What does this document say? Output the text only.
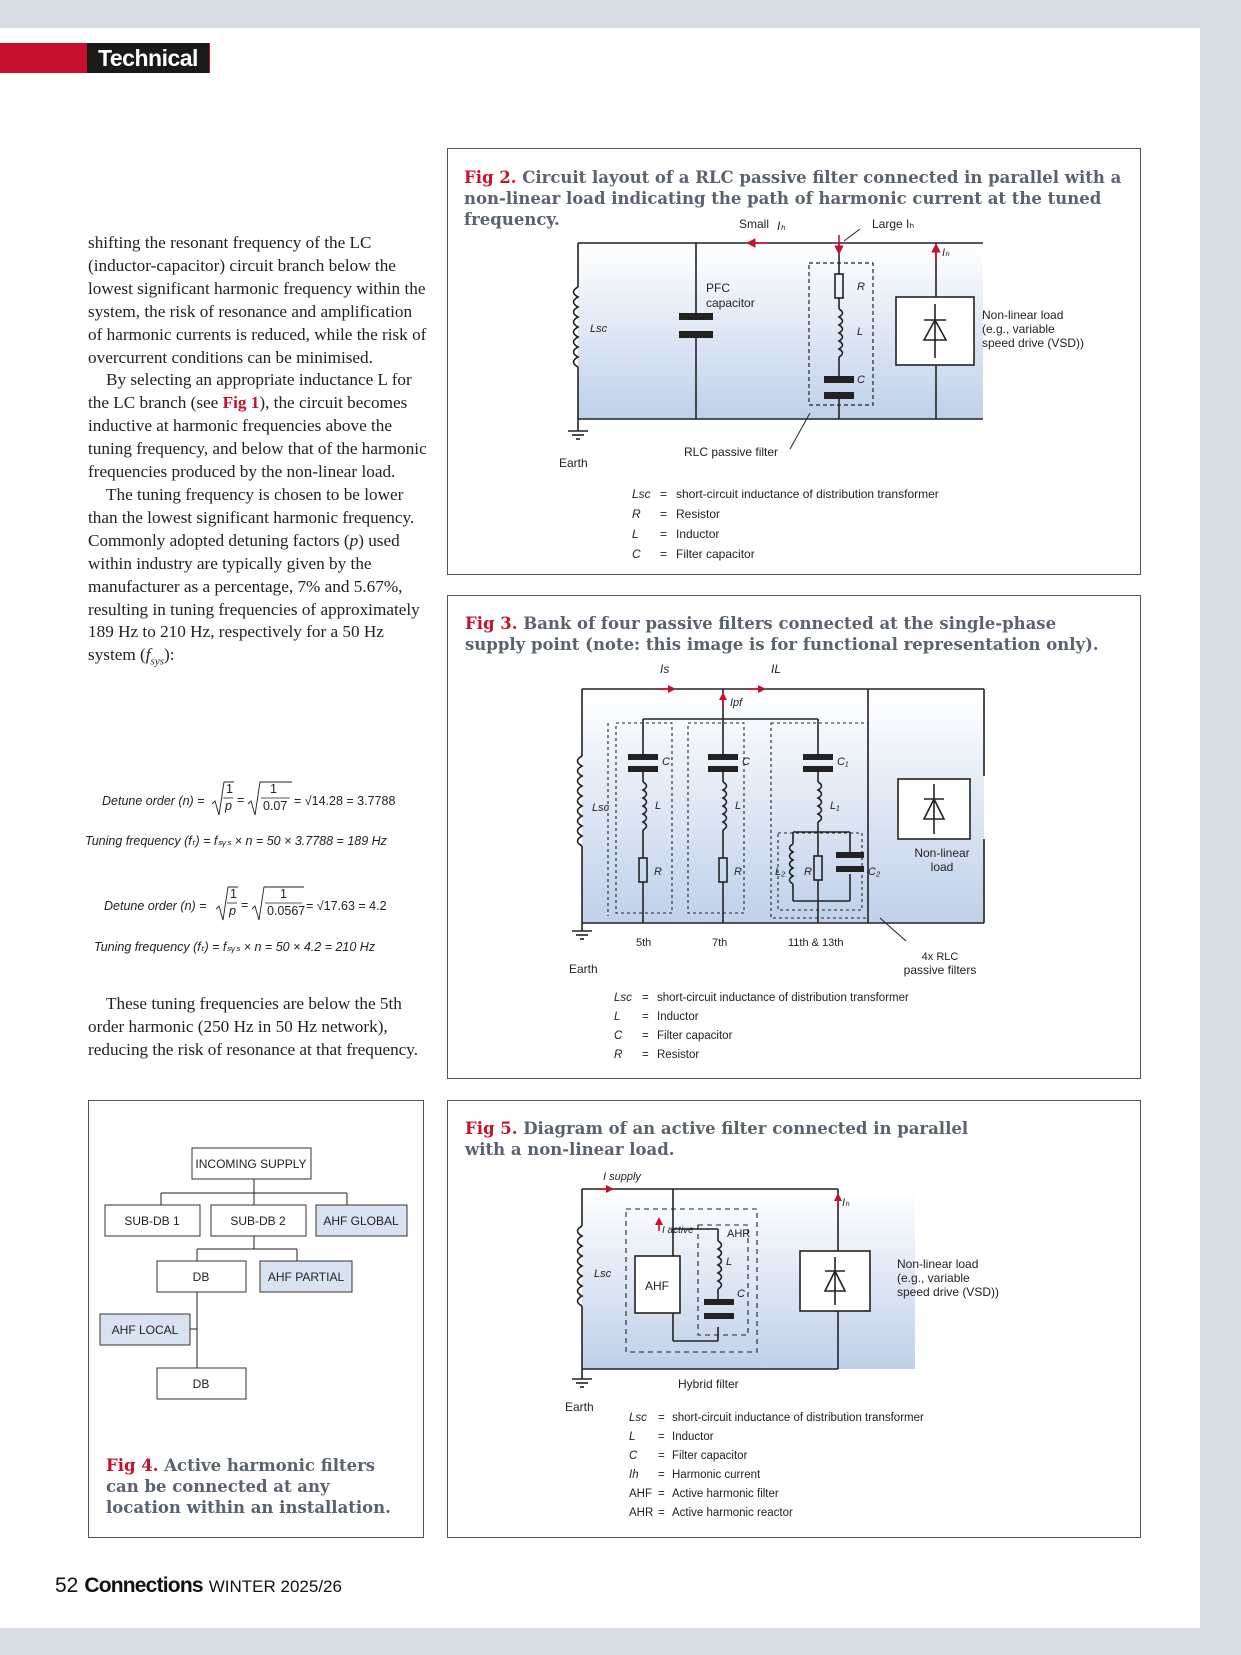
Technical

shifting the resonant frequency of the LC (inductor-capacitor) circuit branch below the lowest significant harmonic frequency within the system, the risk of resonance and amplification of harmonic currents is reduced, while the risk of overcurrent conditions can be minimised.

By selecting an appropriate inductance L for the LC branch (see Fig 1), the circuit becomes inductive at harmonic frequencies above the tuning frequency, and below that of the harmonic frequencies produced by the non-linear load.

The tuning frequency is chosen to be lower than the lowest significant harmonic frequency. Commonly adopted detuning factors (p) used within industry are typically given by the manufacturer as a percentage, 7% and 5.67%, resulting in tuning frequencies of approximately 189 Hz to 210 Hz, respectively for a 50 Hz system $(f_{sys})$:

Detune order (n) =
1
p =
1
0.07 = √14.28 = 3.7788
Tuning frequency (fₜ) = fₛᵧₛ × n = 50 × 3.7788 = 189 Hz
Detune order (n) =
1
p =
1
0.0567 = √17.63 = 4.2
Tuning frequency (fₜ) = fₛᵧₛ × n = 50 × 4.2 = 210 Hz

These tuning frequencies are below the 5th order harmonic (250 Hz in 50 Hz network), reducing the risk of resonance at that frequency.

Fig 2. Circuit layout of a RLC passive filter connected in parallel with a non-linear load indicating the path of harmonic current at the tuned frequency.	Small Iₕ	Large Iₕ
Iₕ
PFC
capacitor
Lsc
R
L
C
Non-linear load
(e.g., variable
speed drive (VSD))
RLC passive filter
Earth
Lsc = short-circuit inductance of distribution transformer
R = Resistor
L = Inductor
C = Filter capacitor
Fig 3. Bank of four passive filters connected at the single-phase supply point (note: this image is for functional representation only).
Is	IL
Ipf
Lsc
C	C	C₁
L	L	L₁
R	R	L₂ R	C₂
Non-linear
load
5th	7th	11th & 13th
4x RLC
passive filters
Earth
Lsc = short-circuit inductance of distribution transformer
L = Inductor
C = Filter capacitor
R = Resistor
INCOMING SUPPLY
SUB-DB 1	SUB-DB 2	AHF GLOBAL
DB	AHF PARTIAL
AHF LOCAL
DB
Fig 4. Active harmonic filters can be connected at any location within an installation.
Fig 5. Diagram of an active filter connected in parallel with a non-linear load.
I supply
I active
Iₕ
AHR
L
C
AHF
Lsc
Non-linear load
(e.g., variable
speed drive (VSD))
Hybrid filter
Earth
Lsc = short-circuit inductance of distribution transformer
L = Inductor
C = Filter capacitor
Ih = Harmonic current
AHF = Active harmonic filter
AHR = Active harmonic reactor
52 Connections WINTER 2025/26
